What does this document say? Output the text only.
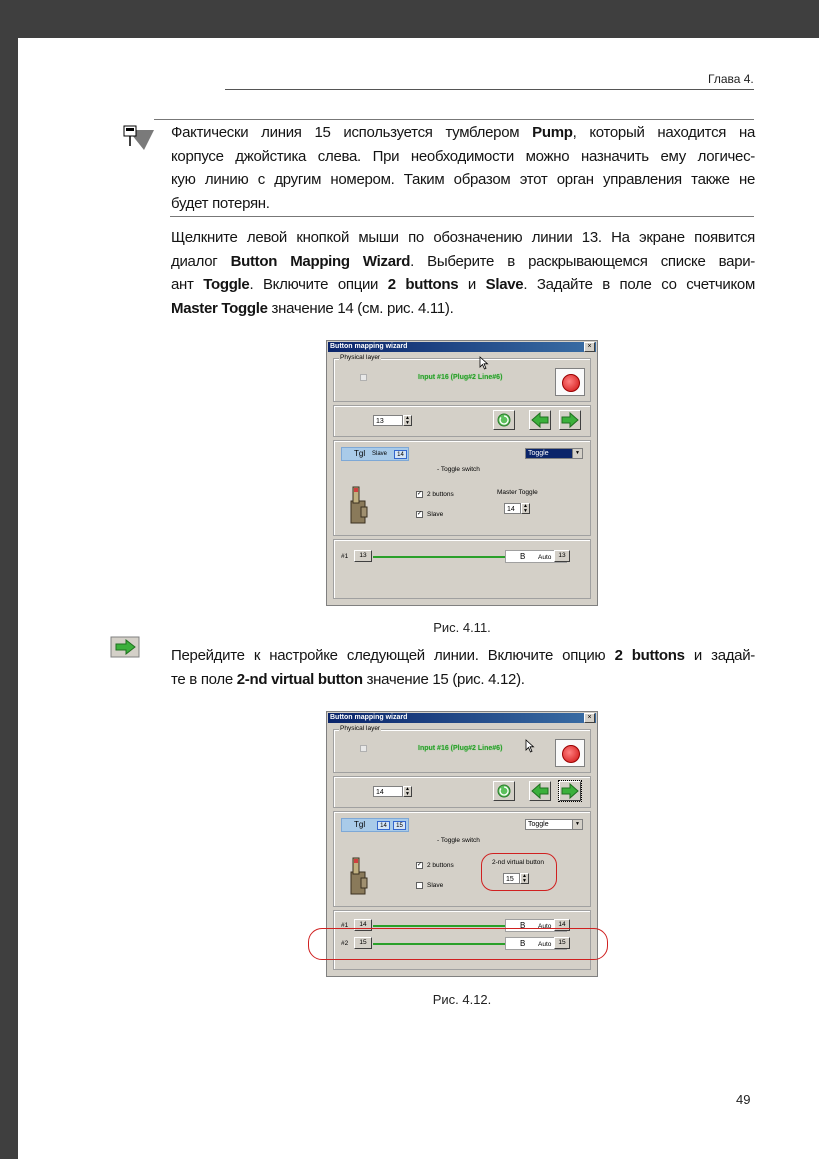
Глава 4.
Фактически линия 15 используется тумблером Pump, который находится на
корпусе джойстика слева. При необходимости можно назначить ему логичес-
кую линию с другим номером. Таким образом этот орган управления также не
будет потерян.
Щелкните левой кнопкой мыши по обозначению линии 13. На экране появится
диалог Button Mapping Wizard. Выберите в раскрывающемся списке вари-
ант Toggle. Включите опции 2 buttons и Slave. Задайте в поле со счетчиком
Master Toggle значение 14 (см. рис. 4.11).
Button mapping wizard	×
Physical layer
Input #16 (Plug#2 Line#6)
13	▲
▼
Tgl Slave	14	Toggle	▼
- Toggle switch
✓ 2 buttons
✓ Slave
Master Toggle
14	▲
▼
#1	13	B Auto	13
Рис. 4.11.
Перейдите к настройке следующей линии. Включите опцию 2 buttons и задай-
те в поле 2-nd virtual button значение 15 (рис. 4.12).
Button mapping wizard	×
Physical layer
Input #16 (Plug#2 Line#6)
14	▲
▼
Tgl	14	15	Toggle	▼
- Toggle switch
✓ 2 buttons
Slave
2-nd virtual button
15	▲
▼
#1	14	B Auto	14
#2	15	B Auto	15
Рис. 4.12.
49
